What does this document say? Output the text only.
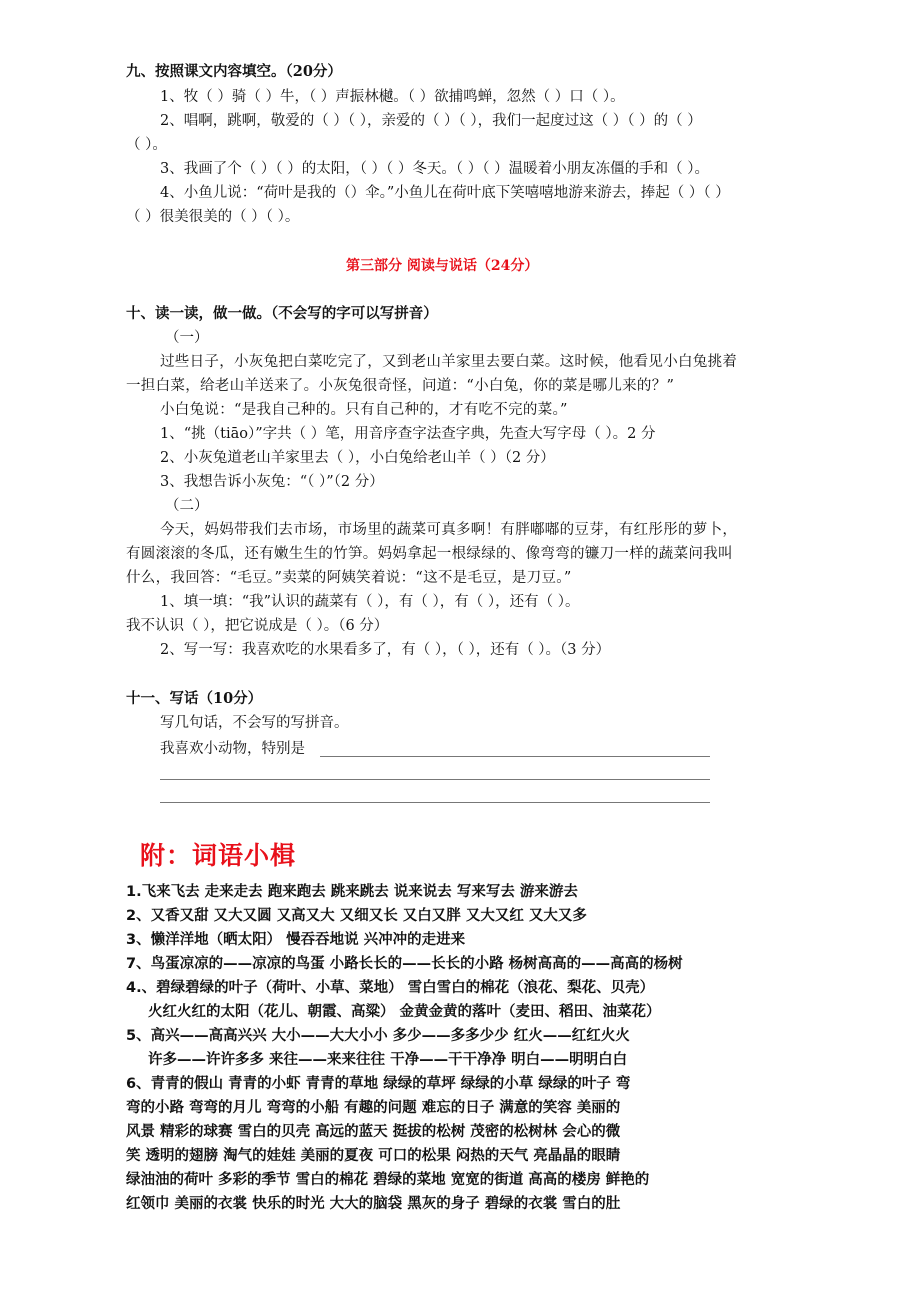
九、按照课文内容填空。（20分）
1、牧（ ）骑（ ）牛，（ ）声振林樾。（ ）欲捕鸣蝉，忽然（ ）口（ ）。
2、唱啊，跳啊，敬爱的（ ）（ ），亲爱的（ ）（ ），我们一起度过这（ ）（ ）的（ ）
（ ）。
3、我画了个（ ）（ ）的太阳，（ ）（ ）冬天。（ ）（ ）温暖着小朋友冻僵的手和（ ）。
4、小鱼儿说：“荷叶是我的（）伞。”小鱼儿在荷叶底下笑嘻嘻地游来游去，捧起（ ）（ ）
（ ）很美很美的（ ）（ ）。
第三部分 阅读与说话（24分）
十、读一读，做一做。（不会写的字可以写拼音）
（一）
过些日子，小灰兔把白菜吃完了，又到老山羊家里去要白菜。这时候，他看见小白兔挑着
一担白菜，给老山羊送来了。小灰兔很奇怪，问道：“小白兔，你的菜是哪儿来的？”
小白兔说：“是我自己种的。只有自己种的，才有吃不完的菜。”
1、“挑（tiāo）”字共（ ）笔，用音序查字法查字典，先查大写字母（ ）。2 分
2、小灰兔道老山羊家里去（ ），小白兔给老山羊（ ）（2 分）
3、我想告诉小灰兔：“（ ）”（2 分）
（二）
今天，妈妈带我们去市场，市场里的蔬菜可真多啊！有胖嘟嘟的豆芽，有红彤彤的萝卜，
有圆滚滚的冬瓜，还有嫩生生的竹笋。妈妈拿起一根绿绿的、像弯弯的镰刀一样的蔬菜问我叫
什么，我回答：“毛豆。”卖菜的阿姨笑着说：“这不是毛豆，是刀豆。”
1、填一填：“我”认识的蔬菜有（ ），有（ ），有（ ），还有（ ）。
我不认识（ ），把它说成是（ ）。（6 分）
2、写一写：我喜欢吃的水果看多了，有（ ），（ ），还有（ ）。（3 分）
十一、写话（10分）
写几句话，不会写的写拼音。
我喜欢小动物，特别是
附：词语小楫
1.飞来飞去 走来走去 跑来跑去 跳来跳去 说来说去 写来写去 游来游去
2、又香又甜 又大又圆 又高又大 又细又长 又白又胖 又大又红 又大又多
3、懒洋洋地（晒太阳） 慢吞吞地说 兴冲冲的走进来
7、鸟蛋凉凉的——凉凉的鸟蛋 小路长长的——长长的小路 杨树高高的——高高的杨树
4.、碧绿碧绿的叶子（荷叶、小草、菜地） 雪白雪白的棉花（浪花、梨花、贝壳）
火红火红的太阳（花儿、朝霞、高粱） 金黄金黄的落叶（麦田、稻田、油菜花）
5、高兴——高高兴兴 大小——大大小小 多少——多多少少 红火——红红火火
许多——许许多多 来往——来来往往 干净——干干净净 明白——明明白白
6、青青的假山 青青的小虾 青青的草地 绿绿的草坪 绿绿的小草 绿绿的叶子 弯
弯的小路 弯弯的月儿 弯弯的小船 有趣的问题 难忘的日子 满意的笑容 美丽的
风景 精彩的球赛 雪白的贝壳 高远的蓝天 挺拔的松树 茂密的松树林 会心的微
笑 透明的翅膀 淘气的娃娃 美丽的夏夜 可口的松果 闷热的天气 亮晶晶的眼睛
绿油油的荷叶 多彩的季节 雪白的棉花 碧绿的菜地 宽宽的街道 高高的楼房 鲜艳的
红领巾 美丽的衣裳 快乐的时光 大大的脑袋 黑灰的身子 碧绿的衣裳 雪白的肚
